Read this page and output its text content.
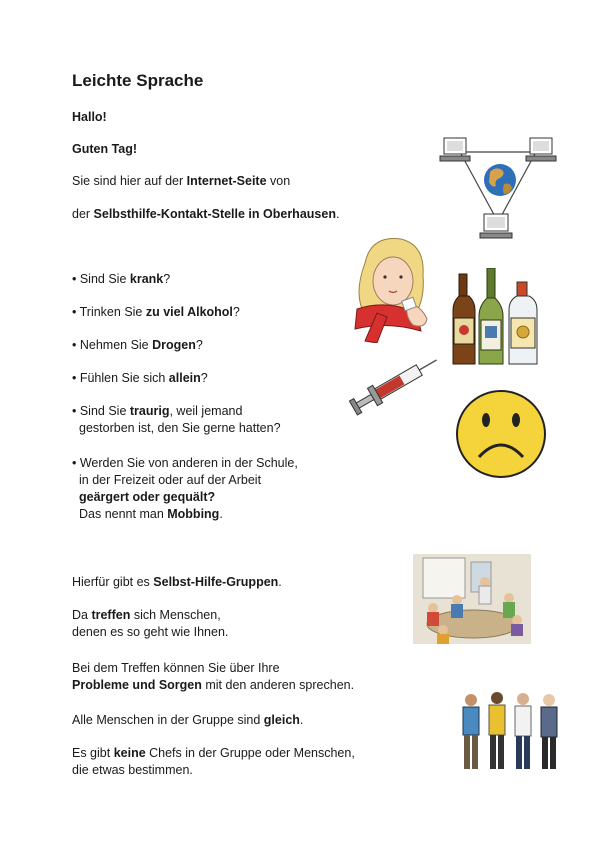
Leichte Sprache
Hallo!
Guten Tag!
Sie sind hier auf der Internet-Seite von
der Selbsthilfe-Kontakt-Stelle in Oberhausen.
• Sind Sie krank?
• Trinken Sie zu viel Alkohol?
• Nehmen Sie Drogen?
• Fühlen Sie sich allein?
• Sind Sie traurig, weil jemand
gestorben ist, den Sie gerne hatten?
• Werden Sie von anderen in der Schule,
in der Freizeit oder auf der Arbeit
geärgert oder gequält?
Das nennt man Mobbing.
Hierfür gibt es Selbst-Hilfe-Gruppen.
Da treffen sich Menschen,
denen es so geht wie Ihnen.
Bei dem Treffen können Sie über Ihre
Probleme und Sorgen mit den anderen sprechen.
Alle Menschen in der Gruppe sind gleich.
Es gibt keine Chefs in der Gruppe oder Menschen,
die etwas bestimmen.
